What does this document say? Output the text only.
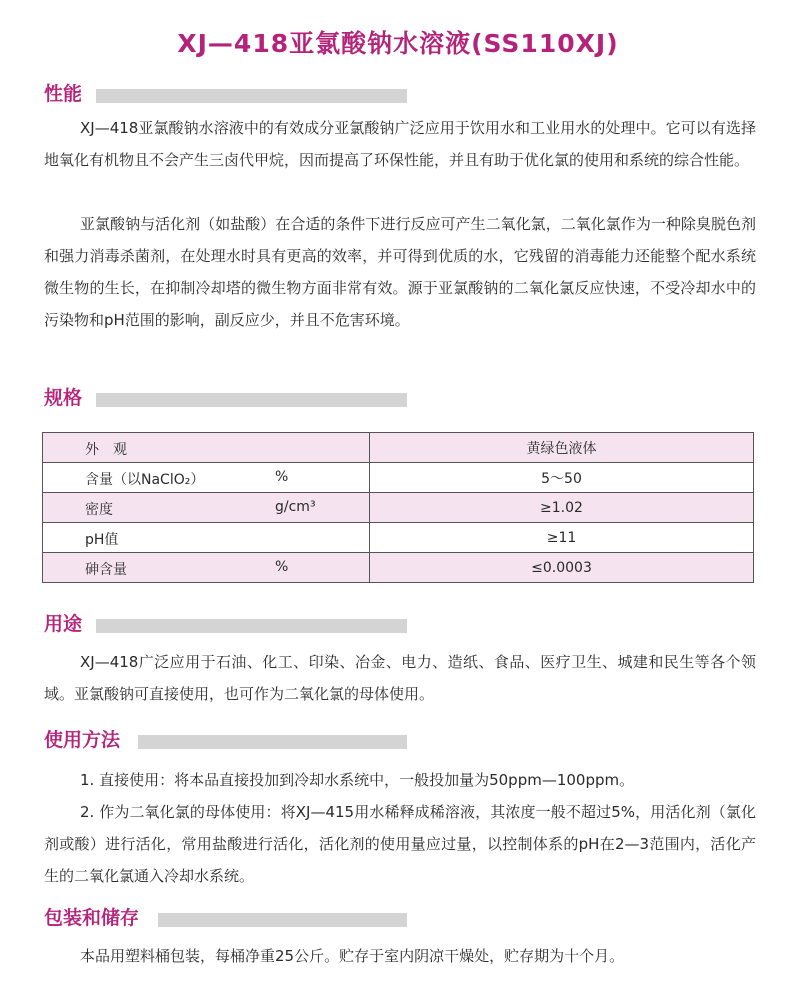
XJ—418亚氯酸钠水溶液(SS110XJ)
性能

XJ—418亚氯酸钠水溶液中的有效成分亚氯酸钠广泛应用于饮用水和工业用水的处理中。它可以有选择地氧化有机物且不会产生三卤代甲烷，因而提高了环保性能，并且有助于优化氯的使用和系统的综合性能。

亚氯酸钠与活化剂（如盐酸）在合适的条件下进行反应可产生二氧化氯，二氧化氯作为一种除臭脱色剂和强力消毒杀菌剂，在处理水时具有更高的效率，并可得到优质的水，它残留的消毒能力还能整个配水系统微生物的生长，在抑制冷却塔的微生物方面非常有效。源于亚氯酸钠的二氧化氯反应快速，不受冷却水中的污染物和pH范围的影响，副反应少，并且不危害环境。

规格
外　观	黄绿色液体

含量（以NaClO₂） %	5～50

密度 g/cm³	≥1.02

pH值	≥11

砷含量 %	≤0.0003
用途

XJ—418广泛应用于石油、化工、印染、冶金、电力、造纸、食品、医疗卫生、城建和民生等各个领域。亚氯酸钠可直接使用，也可作为二氧化氯的母体使用。

使用方法

1. 直接使用：将本品直接投加到冷却水系统中，一般投加量为50ppm—100ppm。

2. 作为二氧化氯的母体使用：将XJ—415用水稀释成稀溶液，其浓度一般不超过5%，用活化剂（氯化剂或酸）进行活化，常用盐酸进行活化，活化剂的使用量应过量，以控制体系的pH在2—3范围内，活化产生的二氧化氯通入冷却水系统。

包装和储存

本品用塑料桶包装，每桶净重25公斤。贮存于室内阴凉干燥处，贮存期为十个月。
